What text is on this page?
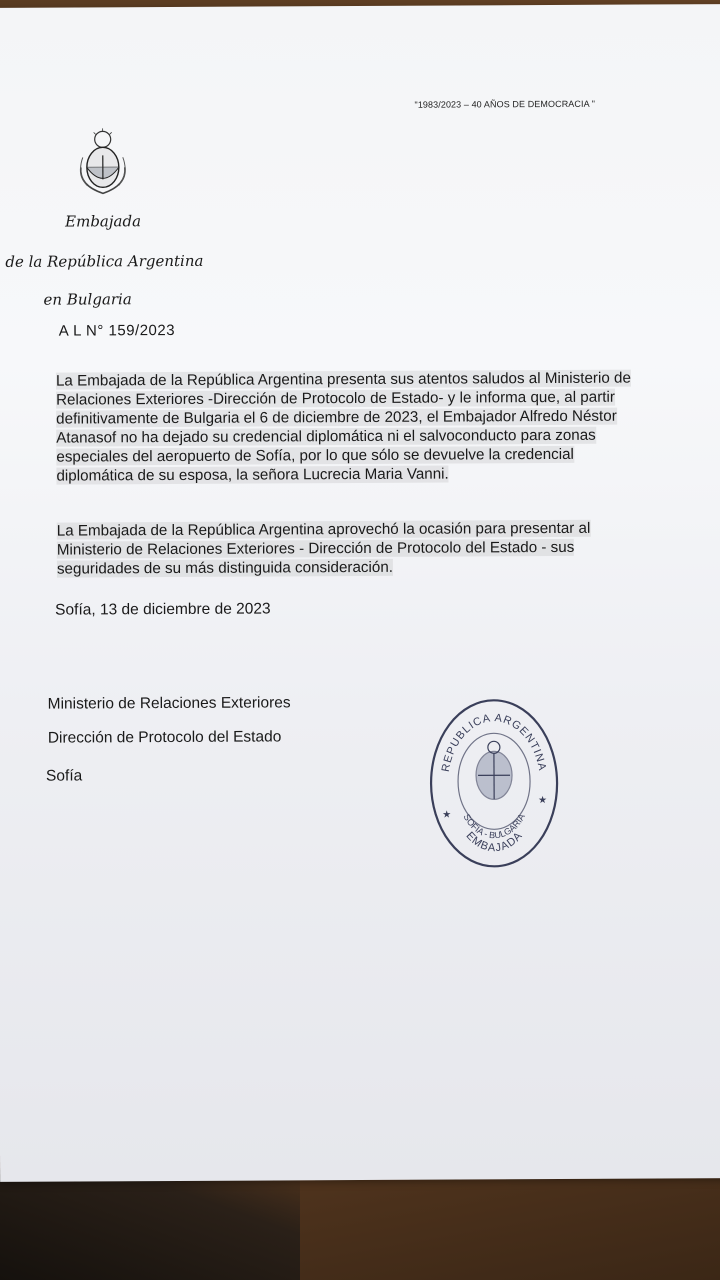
"1983/2023 – 40 AÑOS DE DEMOCRACIA "
Embajada
de la República Argentina
en Bulgaria
A L N° 159/2023
La Embajada de la República Argentina presenta sus atentos saludos al Ministerio de Relaciones Exteriores -Dirección de Protocolo de Estado- y le informa que, al partir definitivamente de Bulgaria el 6 de diciembre de 2023, el Embajador Alfredo Néstor Atanasof no ha dejado su credencial diplomática ni el salvoconducto para zonas especiales del aeropuerto de Sofía, por lo que sólo se devuelve la credencial diplomática de su esposa, la señora Lucrecia Maria Vanni.
La Embajada de la República Argentina aprovechó la ocasión para presentar al Ministerio de Relaciones Exteriores - Dirección de Protocolo del Estado - sus seguridades de su más distinguida consideración.
Sofía, 13 de diciembre de 2023
Ministerio de Relaciones Exteriores
Dirección de Protocolo del Estado
Sofía
REPUBLICA ARGENTINA
SOFIA - BULGARIA
EMBAJADA
★
★
